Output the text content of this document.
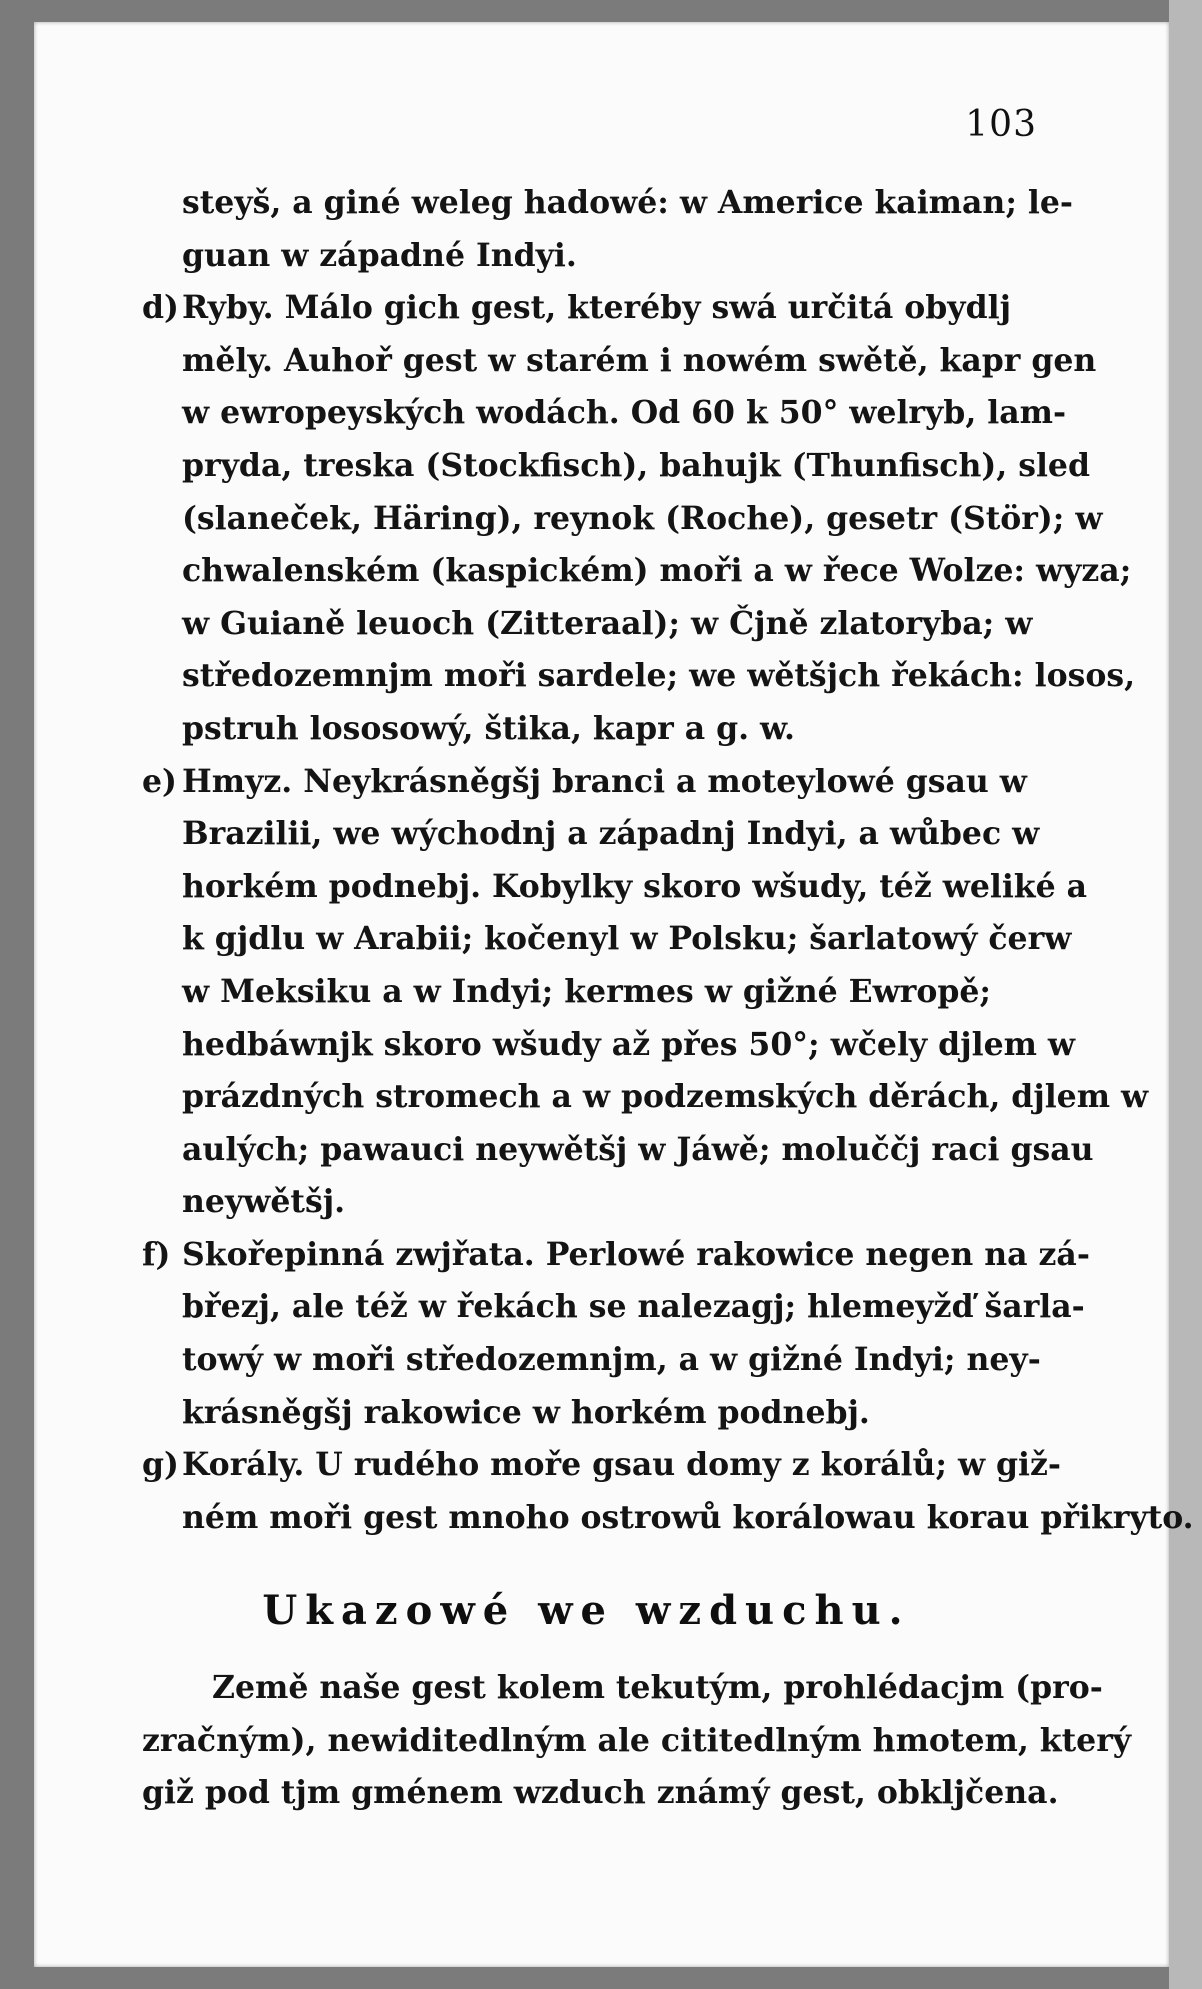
103
steyš, a giné weleg hadowé: w Americe kaiman; le-
guan w západné Indyi.
d)Ryby. Málo gich gest, kteréby swá určitá obydlj
měly. Auhoř gest w starém i nowém swětě, kapr gen
w ewropeyských wodách. Od 60 k 50° welryb, lam-
pryda, treska (Stockfisch), bahujk (Thunfisch), sled
(slaneček, Häring), reynok (Roche), gesetr (Stör); w
chwalenském (kaspickém) moři a w řece Wolze: wyza;
w Guianě leuoch (Zitteraal); w Čjně zlatoryba; w
středozemnjm moři sardele; we wětšjch řekách: losos,
pstruh lososowý, štika, kapr a g. w.
e) Hmyz. Neykrásněgšj branci a moteylowé gsau w
Brazilii, we wýchodnj a západnj Indyi, a wůbec w
horkém podnebj. Kobylky skoro wšudy, též weliké a
k gjdlu w Arabii; kočenyl w Polsku; šarlatowý čerw
w Meksiku a w Indyi; kermes w gižné Ewropě;
hedbáwnjk skoro wšudy až přes 50°; wčely djlem w
prázdných stromech a w podzemských děrách, djlem w
aulých; pawauci neywětšj w Jáwě; moluččj raci gsau
neywětšj.
f) Skořepinná zwjřata. Perlowé rakowice negen na zá-
březj, ale též w řekách se nalezagj; hlemeyžď šarla-
towý w moři středozemnjm, a w gižné Indyi; ney-
krásněgšj rakowice w horkém podnebj.
g)Korály. U rudého moře gsau domy z korálů; w giž-
ném moři gest mnoho ostrowů korálowau korau přikryto.
Ukazowé we wzduchu.
Země naše gest kolem tekutým, prohlédacjm (pro-
zračným), newiditedlným ale cititedlným hmotem, který
giž pod tjm gménem wzduch známý gest, obkljčena.
